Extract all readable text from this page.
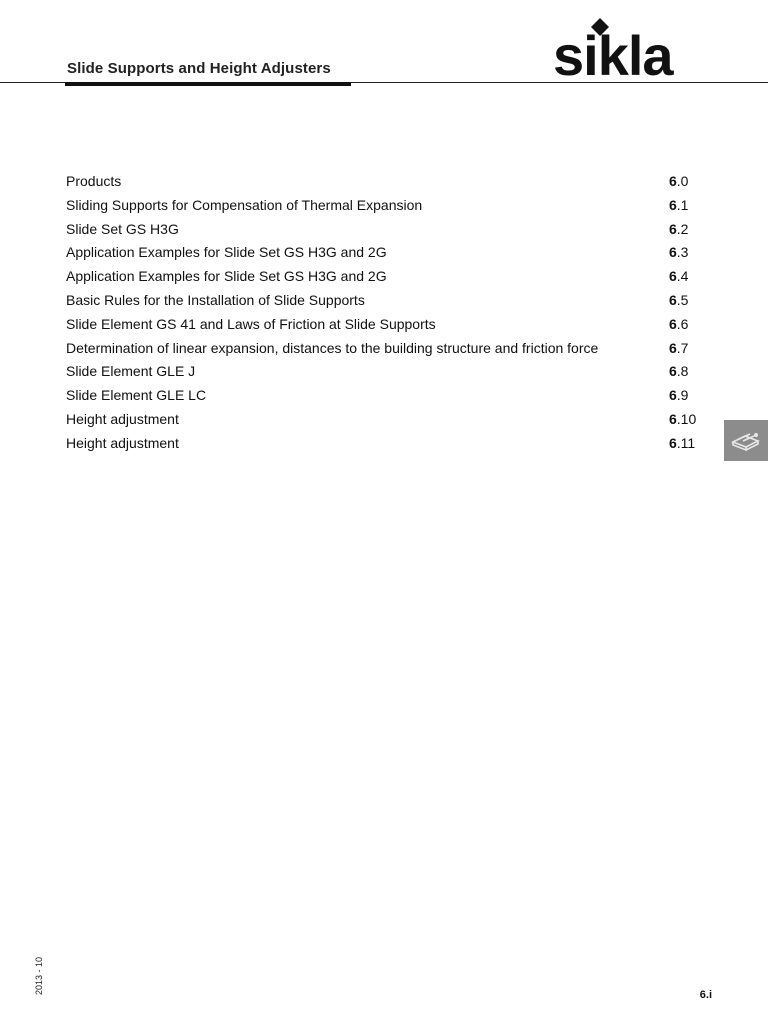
Slide Supports and Height Adjusters	sikla
Products	6.0
Sliding Supports for Compensation of Thermal Expansion	6.1
Slide Set GS H3G	6.2
Application Examples for Slide Set GS H3G and 2G	6.3
Application Examples for Slide Set GS H3G and 2G	6.4
Basic Rules for the Installation of Slide Supports	6.5
Slide Element GS 41 and Laws of Friction at Slide Supports	6.6
Determination of linear expansion, distances to the building structure and friction force	6.7
Slide Element GLE J	6.8
Slide Element GLE LC	6.9
Height adjustment	6.10
Height adjustment	6.11
2013 - 10	6.i
